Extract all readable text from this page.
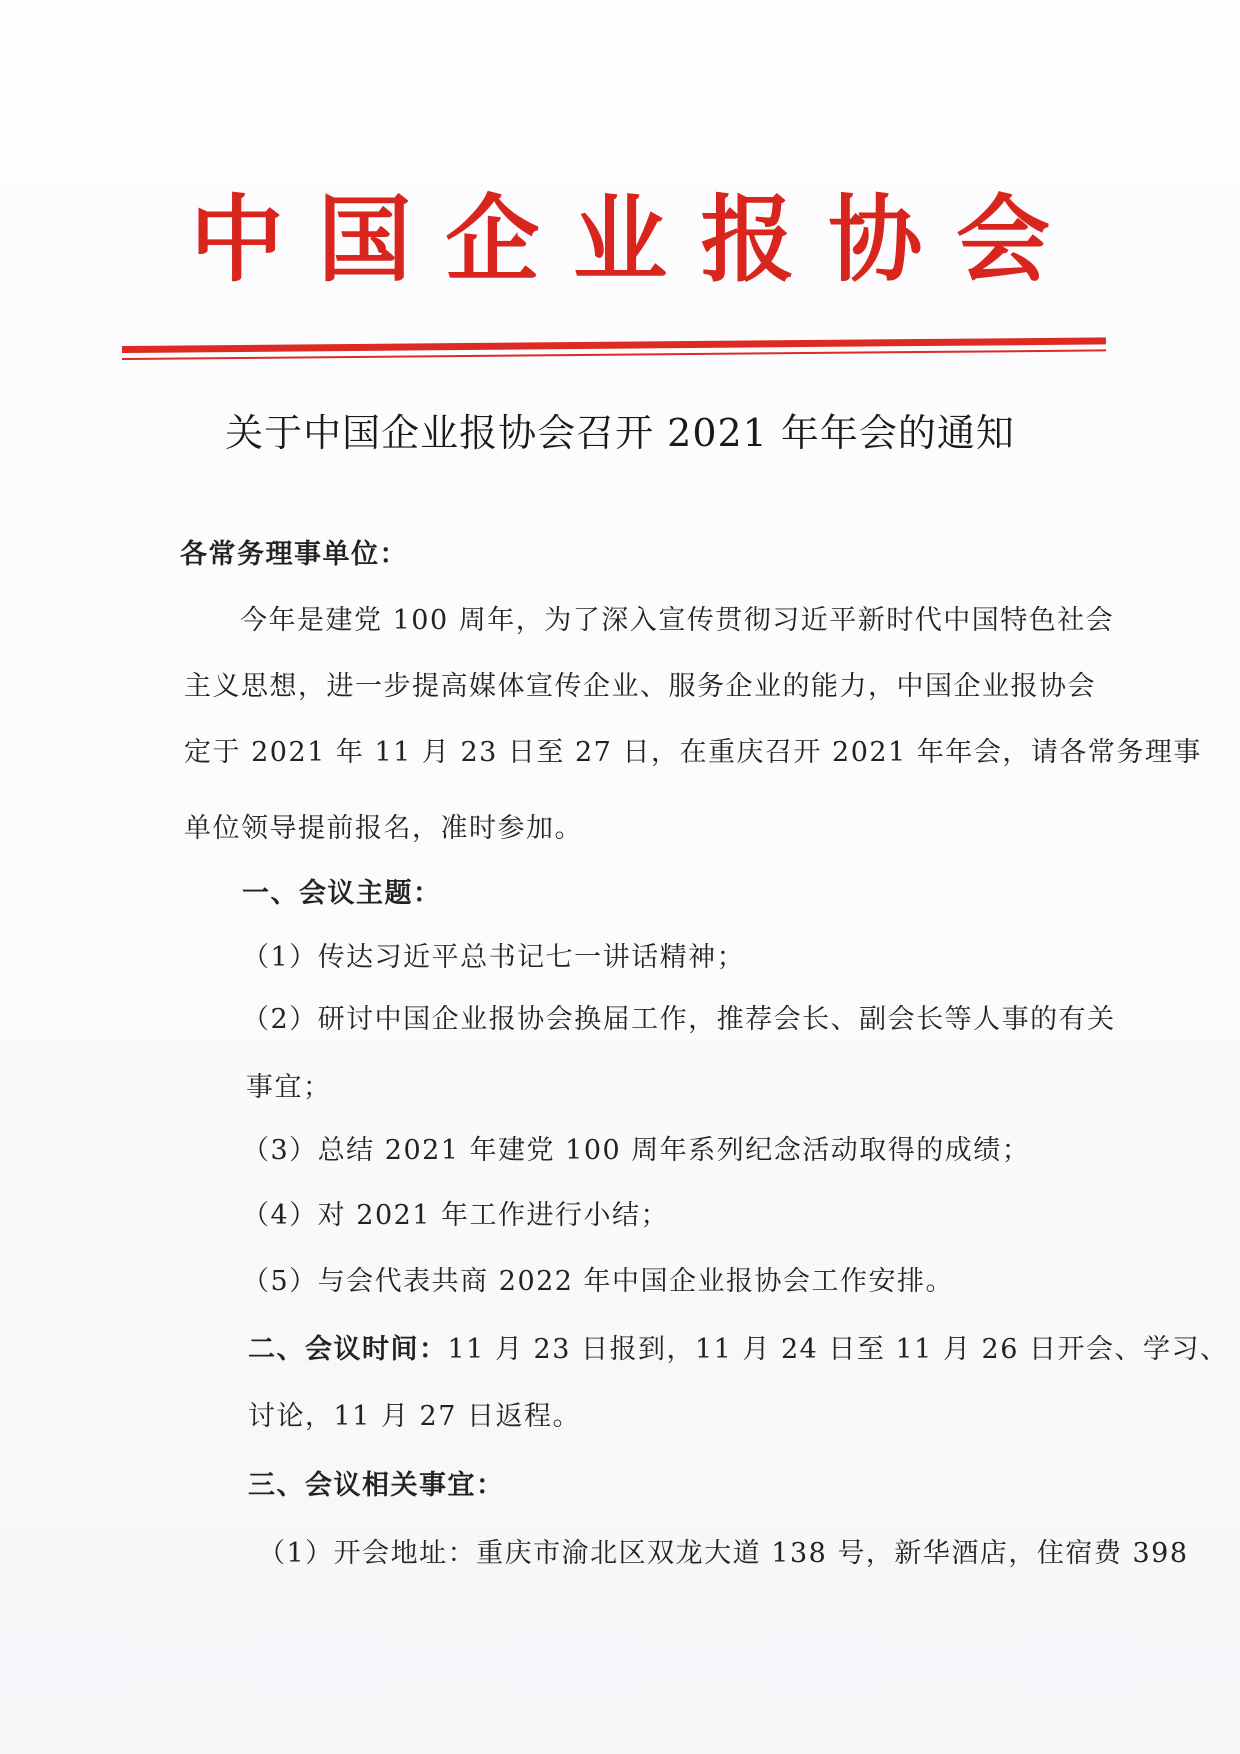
中 国 企 业 报 协 会
关于中国企业报协会召开 2021 年年会的通知
各常务理事单位：
今年是建党 100 周年，为了深入宣传贯彻习近平新时代中国特色社会
主义思想，进一步提高媒体宣传企业、服务企业的能力，中国企业报协会
定于 2021 年 11 月 23 日至 27 日，在重庆召开 2021 年年会，请各常务理事
单位领导提前报名，准时参加。
一、会议主题：
（1）传达习近平总书记七一讲话精神；
（2）研讨中国企业报协会换届工作，推荐会长、副会长等人事的有关
事宜；
（3）总结 2021 年建党 100 周年系列纪念活动取得的成绩；
（4）对 2021 年工作进行小结；
（5）与会代表共商 2022 年中国企业报协会工作安排。
二、会议时间：11 月 23 日报到，11 月 24 日至 11 月 26 日开会、学习、
讨论，11 月 27 日返程。
三、会议相关事宜：
（1）开会地址：重庆市渝北区双龙大道 138 号，新华酒店，住宿费 398
